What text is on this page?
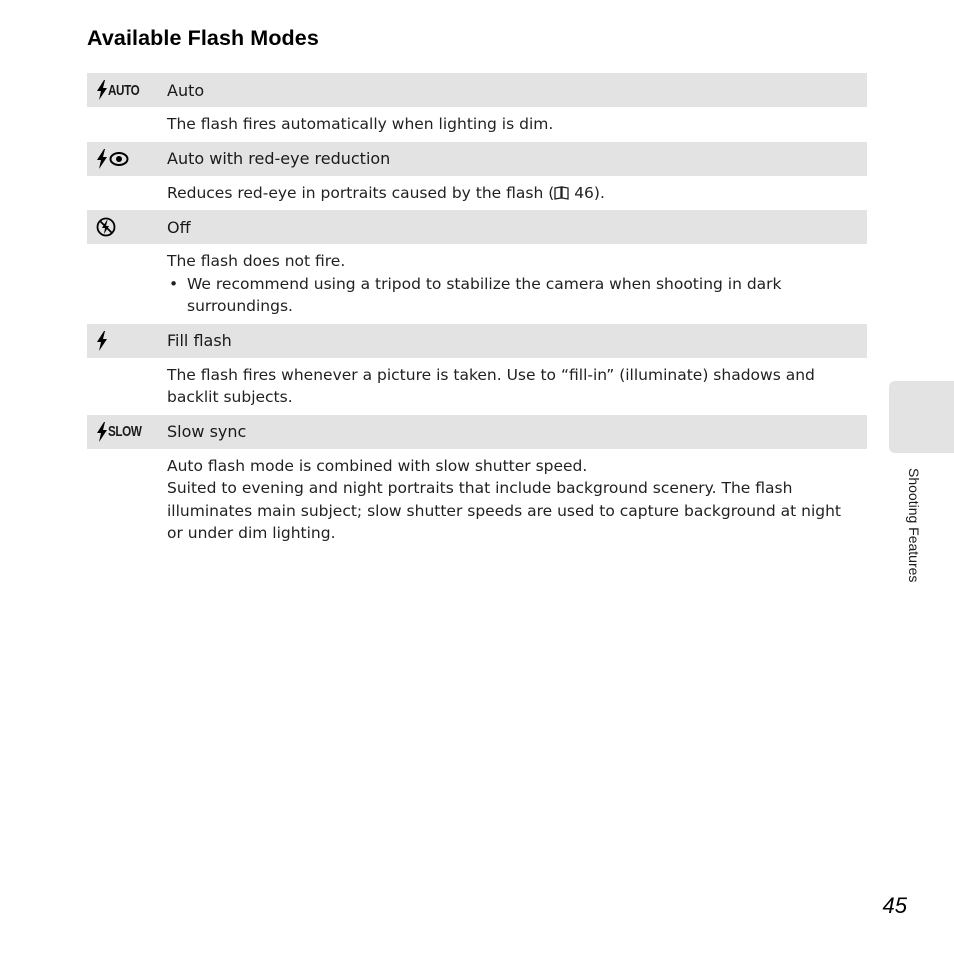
Available Flash Modes
AUTO Auto
The flash fires automatically when lighting is dim.
Auto with red-eye reduction
Reduces red-eye in portraits caused by the flash ( 46).
Off
The flash does not fire.
• We recommend using a tripod to stabilize the camera when shooting in dark surroundings.
Fill flash
The flash fires whenever a picture is taken. Use to “fill-in” (illuminate) shadows and backlit subjects.
SLOW Slow sync
Auto flash mode is combined with slow shutter speed.
Suited to evening and night portraits that include background scenery. The flash illuminates main subject; slow shutter speeds are used to capture background at night or under dim lighting.	Shooting Features
45
